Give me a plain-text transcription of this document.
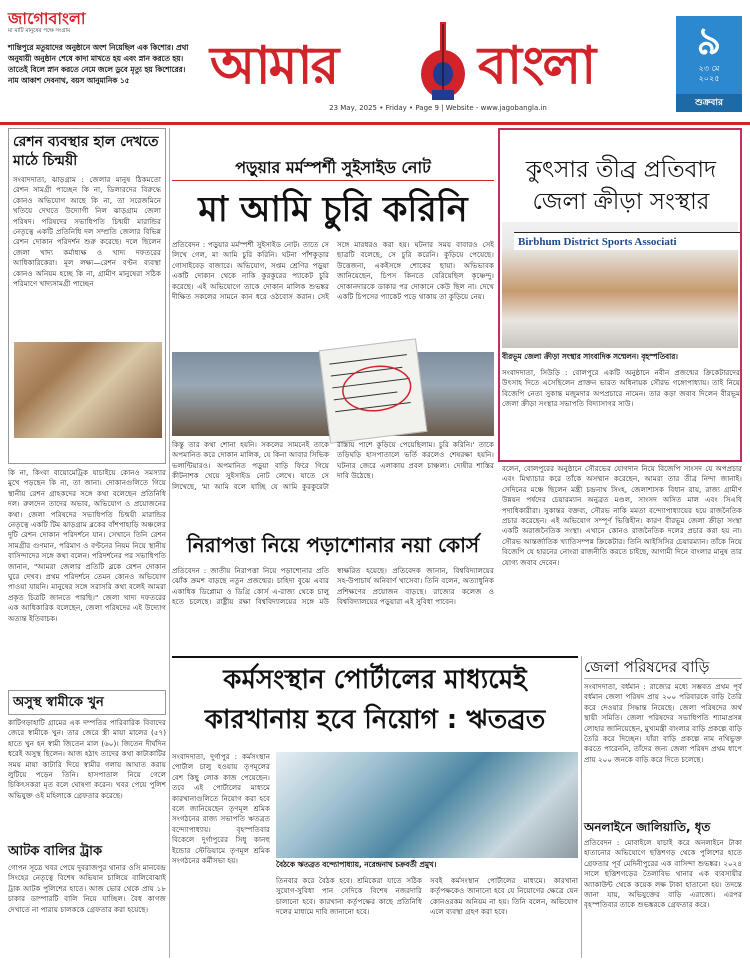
জাগোবাংলা
মা মাটি মানুষের পক্ষে সংগ্রাম
শান্তিপুরে মতুয়াদের অনুষ্ঠানে অংশ নিয়েছিল এক কিশোর। প্রথা অনুযায়ী অনুষ্ঠান শেষে কাদা মাখতে হয় এবং স্নান করতে হয়। তাতেই বিলে স্নান করতে নেমে জলে ডুবে মৃত্যু হয় কিশোরের। নাম আকাশ দেবনাথ, বয়স আনুমানিক ১৫	আমার	বাংলা
23 May, 2025 • Friday • Page 9 | Website - www.jagobangla.in
৯
২৩ মে
২০২৫
শুক্রবার
রেশন ব্যবস্থার হাল দেখতে মাঠে চিন্ময়ী
সংবাদদাতা, ঝাড়গ্রাম : জেলার মানুষ ঠিকমতো রেশন সামগ্রী পাচ্ছেন কি না, ডিলারদের বিরুদ্ধে কোনও অভিযোগ আছে কি না, তা সরেজমিনে খতিয়ে দেখতে উদ্যোগী নিল ঝাড়গ্রাম জেলা পরিষদ। পরিষদের সভাধিপতি চিন্ময়ী মারান্ডির নেতৃত্বে একটি প্রতিনিধি দল সম্প্রতি জেলার বিভিন্ন রেশন দোকান পরিদর্শন শুরু করেছে। দলে ছিলেন জেলা খাদ্য কর্মাধ্যক্ষ ও খাদ্য দফতরের আধিকারিকেরা। মূল লক্ষ্য—রেশন বণ্টন ব্যবস্থা কোনও অনিয়ম হচ্ছে কি না, গ্রামীণ মানুষেরা সঠিক পরিমাণে খাদ্যসামগ্রী পাচ্ছেন
কি না, কিংবা বায়োমেট্রিক যাচাইয়ে কোনও সমস্যার মুখে পড়ছেন কি না, তা জানা। দোকানগুলিতে গিয়ে স্থানীয় রেশন গ্রাহকদের সঙ্গে কথা বলেছেন প্রতিনিধি দল। রুলদেন তাদের অভাব, অভিযোগ ও প্রয়োজনের কথা। জেলা পরিষদের সভাধিপতি চিন্ময়ী মারান্ডির নেতৃত্বে একটি টিম ঝাড়গ্রাম ব্লকের বাঁশপাহাড়ি অঞ্চলের দুটি রেশন দোকান পরিদর্শনে যান। সেখানে তিনি রেশন সামগ্রীর গুণমান, পরিমাণ ও বণ্টনের নিয়ম নিয়ে স্থানীয় বাসিন্দাদের সঙ্গে কথা বলেন। পরিদর্শনের পর সভাধিপতি জানান, "আমরা জেলার প্রতিটি ব্লকে রেশন দোকান ঘুরে দেখব। প্রথম পরিদর্শনে তেমন কোনও অভিযোগ পাওয়া যায়নি। মানুষের সঙ্গে সরাসরি কথা বলেই আমরা প্রকৃত চিত্রটি জানতে পারছি।" জেলা খাদ্য দফতরের এক আধিকারিক বলেছেন, জেলা পরিষদের এই উদ্যোগ অত্যন্ত ইতিবাচক।
অসুস্থ স্বামীকে খুন
কাটিগড়াহাটি গ্রামের এক দম্পতির পারিবারিক বিবাদের জেরে স্বামীকে খুন। তার জেরে স্ত্রী মায়া মালের (৫৭) হাতে খুন হন স্বামী জিতেন মাল (৬০)। জিতেন দীর্ঘদিন ধরেই অসুস্থ ছিলেন। আজ হঠাৎ তাদের কথা কাটাকাটির সময় মায়া কাটারি দিয়ে স্বামীর গলায় আঘাত করায় লুটিয়ে পড়েন তিনি। হাসপাতাল নিয়ে গেলে চিকিৎসকরা মৃত বলে ঘোষণা করেন। খবর পেয়ে পুলিশ অভিযুক্ত ওই মহিলাকে গ্রেফতার করেছে।
আটক বালির ট্রাক
গোপন সূত্রে খবর পেয়ে দুবরাজপুর থানার ওসি মানবেন্দ্র সিংহের নেতৃত্বে বিশেষ অভিযান চালিয়ে বালিবোঝাই ট্রাক আটক পুলিশের হাতে। আজ ভোর থেকে প্রায় ১৮ চাকার ডাম্পারটি বালি নিয়ে যাচ্ছিল। বৈধ কাগজ দেখাতে না পারায় চালককে গ্রেফতার করা হয়েছে।
পড়ুয়ার মর্মস্পর্শী সুইসাইড নোট
মা আমি চুরি করিনি
প্রতিবেদন : পড়ুয়ার মর্মস্পর্শী সুইসাইড নোট। তাতে সে লিখে গেল, মা আমি চুরি করিনি। ঘটনা পাঁশকুড়ার গোসাইবেড় বাজারে। অভিযোগ, সপ্তম শ্রেণির পড়ুয়া একটি দোকান থেকে নাকি কুরকুরের প্যাকেট চুরি করেছে। এই অভিযোগে তাকে দোকান মালিক শুভঙ্কর দীক্ষিত সকলের সামনে কান ধরে ওঠবোস করান। সেই সঙ্গে মারধরও করা হয়। ঘটনার সময় বাবারও সেই ছাত্রটি বলেছে, সে চুরি করেনি। কুড়িয়ে পেয়েছে। উত্তেজনা, একইসঙ্গে শোকের ছায়া। অভিভাবক জানিয়েছেন, চিপস কিনতে বেরিয়েছিল কৃষ্ণেন্দু। দোকানদারকে ডাকার পর দোকানে কেউ ছিল না। দেখে একটি চিপসের প্যাকেট পড়ে থাকায় তা কুড়িয়ে নেয়।
কিন্তু তার কথা শোনা হয়নি। সকলের সামনেই তাকে অপমানিত করে দোকান মালিক, যে কিনা আবার সিভিক ভলান্টিয়ারও। অপমানিত পড়ুয়া বাড়ি ফিরে গিয়ে কীটনাশক খেয়ে সুইসাইড নোট লেখে। যাতে সে লিখেছে, 'মা আমি বলে যাচ্ছি যে আমি কুরকুরেটা রাস্তায় পাশে কুড়িয়ে পেয়েছিলাম। চুরি করিনি।' তাকে তড়িঘড়ি হাসপাতালে ভর্তি করলেও শেষরক্ষা হয়নি। ঘটনার জেরে এলাকায় প্রবল চাঞ্চল্য। দোষীর শাস্তির দাবি উঠেছে।
নিরাপত্তা নিয়ে পড়াশোনার নয়া কোর্স
প্রতিবেদন : জাতীয় নিরাপত্তা নিয়ে পড়াশোনার প্রতি ঝোঁক ক্রমশ বাড়ছে নতুন প্রজন্মের। চাহিদা বুঝে এবার একাধিক ডিপ্লোমা ও ডিগ্রি কোর্স এ-রাজ্য থেকে চালু হতে চলেছে। রাষ্ট্রীয় রক্ষা বিশ্ববিদ্যালয়ের সঙ্গে মউ স্বাক্ষরিত হয়েছে। প্রতিবেদক জানান, বিশ্ববিদ্যালয়ের সহ-উপাচার্য অনিবার্ণ খাসেবা। তিনি বলেন, অত্যাধুনিক প্রশিক্ষণের প্রয়োজন বাড়ছে। রাজ্যের কলেজ ও বিশ্ববিদ্যালয়ের পড়ুয়ারা এই সুবিধা পাবেন।
কুৎসার তীব্র প্রতিবাদ জেলা ক্রীড়া সংস্থার
Birbhum District Sports Associati
বীরভূম জেলা ক্রীড়া সংস্থার সাংবাদিক সম্মেলন। বৃহস্পতিবার।
সংবাদদাতা, সিউড়ি : বোলপুরে একটি অনুষ্ঠানে নবীন প্রজন্মের ক্রিকেটারদের উৎসাহ দিতে এসেছিলেন প্রাক্তন ভারত অধিনায়ক সৌরভ গঙ্গোপাধ্যায়। তাই নিয়ে বিজেপি নেতা সুকান্ত মজুমদার অপপ্রচারে নামেন। তার কড়া জবাব দিলেন বীরভূম জেলা ক্রীড়া সংস্থার সভাপতি বিদ্যাসাগর সাউ।
বলেন, বোলপুরের অনুষ্ঠানে সৌরভের যোগদান নিয়ে বিজেপি সাংসদ যে অপপ্রচার এবং মিথ্যাচার করে তাঁকে অসম্মান করেছেন, আমরা তার তীব্র নিন্দা জানাই। সেদিনের মঞ্চে ছিলেন মন্ত্রী চন্দ্রনাথ সিংহ, জেলাশাসক বিধান রায়, রাজ্য গ্রামীণ উন্নয়ন পর্ষদের চেয়ারম্যান অনুব্রত মণ্ডল, সাংসদ অসিত মাল এবং সিএবি পদাধিকারীরা। সুকান্তর বক্তব্য, সৌরভ নাকি মমতা বন্দ্যোপাধ্যায়ের হয়ে রাজনৈতিক প্রচার করেছেন। এই অভিযোগ সম্পূর্ণ ভিত্তিহীন। কারণ বীরভূম জেলা ক্রীড়া সংস্থা একটি অরাজনৈতিক সংস্থা। এখানে কোনও রাজনৈতিক দলের প্রচার করা হয় না। সৌরভ আন্তর্জাতিক খ্যাতিসম্পন্ন ক্রিকেটার। তিনি আইসিসির চেয়ারম্যান। তাঁকে নিয়ে বিজেপি যে হারনের নোংরা রাজনীতি করতে চাইছে, আগামী দিনে বাংলার মানুষ তার যোগ্য জবাব দেবেন।
কর্মসংস্থান পোর্টালের মাধ্যমেই কারখানায় হবে নিয়োগ : ঋতব্রত
সংবাদদাতা, দুর্গাপুর : কর্মসংস্থান পোর্টাল চালু হওয়ায় তৃণমূলের বেশ কিছু লোক কাজ পেয়েছেন। তবে এই পোর্টালের মাধ্যমে কারখানাগুলিতে নিয়োগ করা হবে বলে জানিয়েছেন তৃণমূল শ্রমিক সংগঠনের রাজ্য সভাপতি ঋতব্রত বন্দ্যোপাধ্যায়। বৃহস্পতিবার বিকেলে দুর্গাপুরের সিধু কানহু ইন্ডোর স্টেডিয়ামে তৃণমূল শ্রমিক সংগঠনের কর্মীসভা হয়।	বৈঠকে ঋতব্রত বন্দ্যোপাধ্যায়, নরেন্দ্রনাথ চক্রবর্তী প্রমুখ।
তিনবার করে বৈঠক হবে। শ্রমিকেরা যাতে সঠিক সুযোগ-সুবিধা পান সেদিকে বিশেষ নজরদারি চালানো হবে। কারখানা কর্তৃপক্ষের কাছে প্রতিনিধি দলের মাধ্যমে দাবি জানানো হবে।
সবই কর্মসংস্থান পোর্টালের মাধ্যমে। কারখানা কর্তৃপক্ষকেও জানানো হবে যে নিয়োগের ক্ষেত্রে যেন কোনওরকম অনিয়ম না হয়। তিনি বলেন, অভিযোগ এলে ব্যবস্থা গ্রহণ করা হবে।
জেলা পরিষদের বাড়ি
সংবাদদাতা, বর্ধমান : রাজ্যের মধ্যে সম্ভবত প্রথম পূর্ব বর্ধমান জেলা পরিষদ প্রায় ২০০ পরিবারকে বাড়ি তৈরি করে দেওয়ার সিদ্ধান্ত নিয়েছে। জেলা পরিষদের অর্থ স্থায়ী সমিতি। জেলা পরিষদের সভাধিপতি শ্যামাপ্রসন্ন লোহার জানিয়েছেন, মুখ্যমন্ত্রী বাংলার বাড়ি প্রকল্পে বাড়ি তৈরি করে দিচ্ছেন। যাঁরা বাড়ি প্রকল্পে নাম নথিভুক্ত করতে পারেননি, তাঁদের জন্য জেলা পরিষদ প্রথম ধাপে প্রায় ২০০ জনকে বাড়ি করে দিতে চলেছে।
অনলাইনে জালিয়াতি, ধৃত
প্রতিবেদন : মোবাইলে যাচাই করে অনলাইনে টাকা হাতানোর অভিযোগে ছত্তিশগড় থেকে পুলিশের হাতে গ্রেফতার পূর্ব মেদিনীপুরের এক বাসিন্দা শুভঙ্কর। ২০২৪ সালে ছত্তিশগড়ের তৈলাবিভ থানার এক ব্যবসায়ীর অ্যাকাউন্ট থেকে কয়েক লক্ষ টাকা হাতানো হয়। তদন্তে জানা যায়, অভিযুক্তের বাড়ি এরাজ্যে। এরপর বৃহস্পতিবার তাকে শুভঙ্করকে গ্রেফতার করে।
